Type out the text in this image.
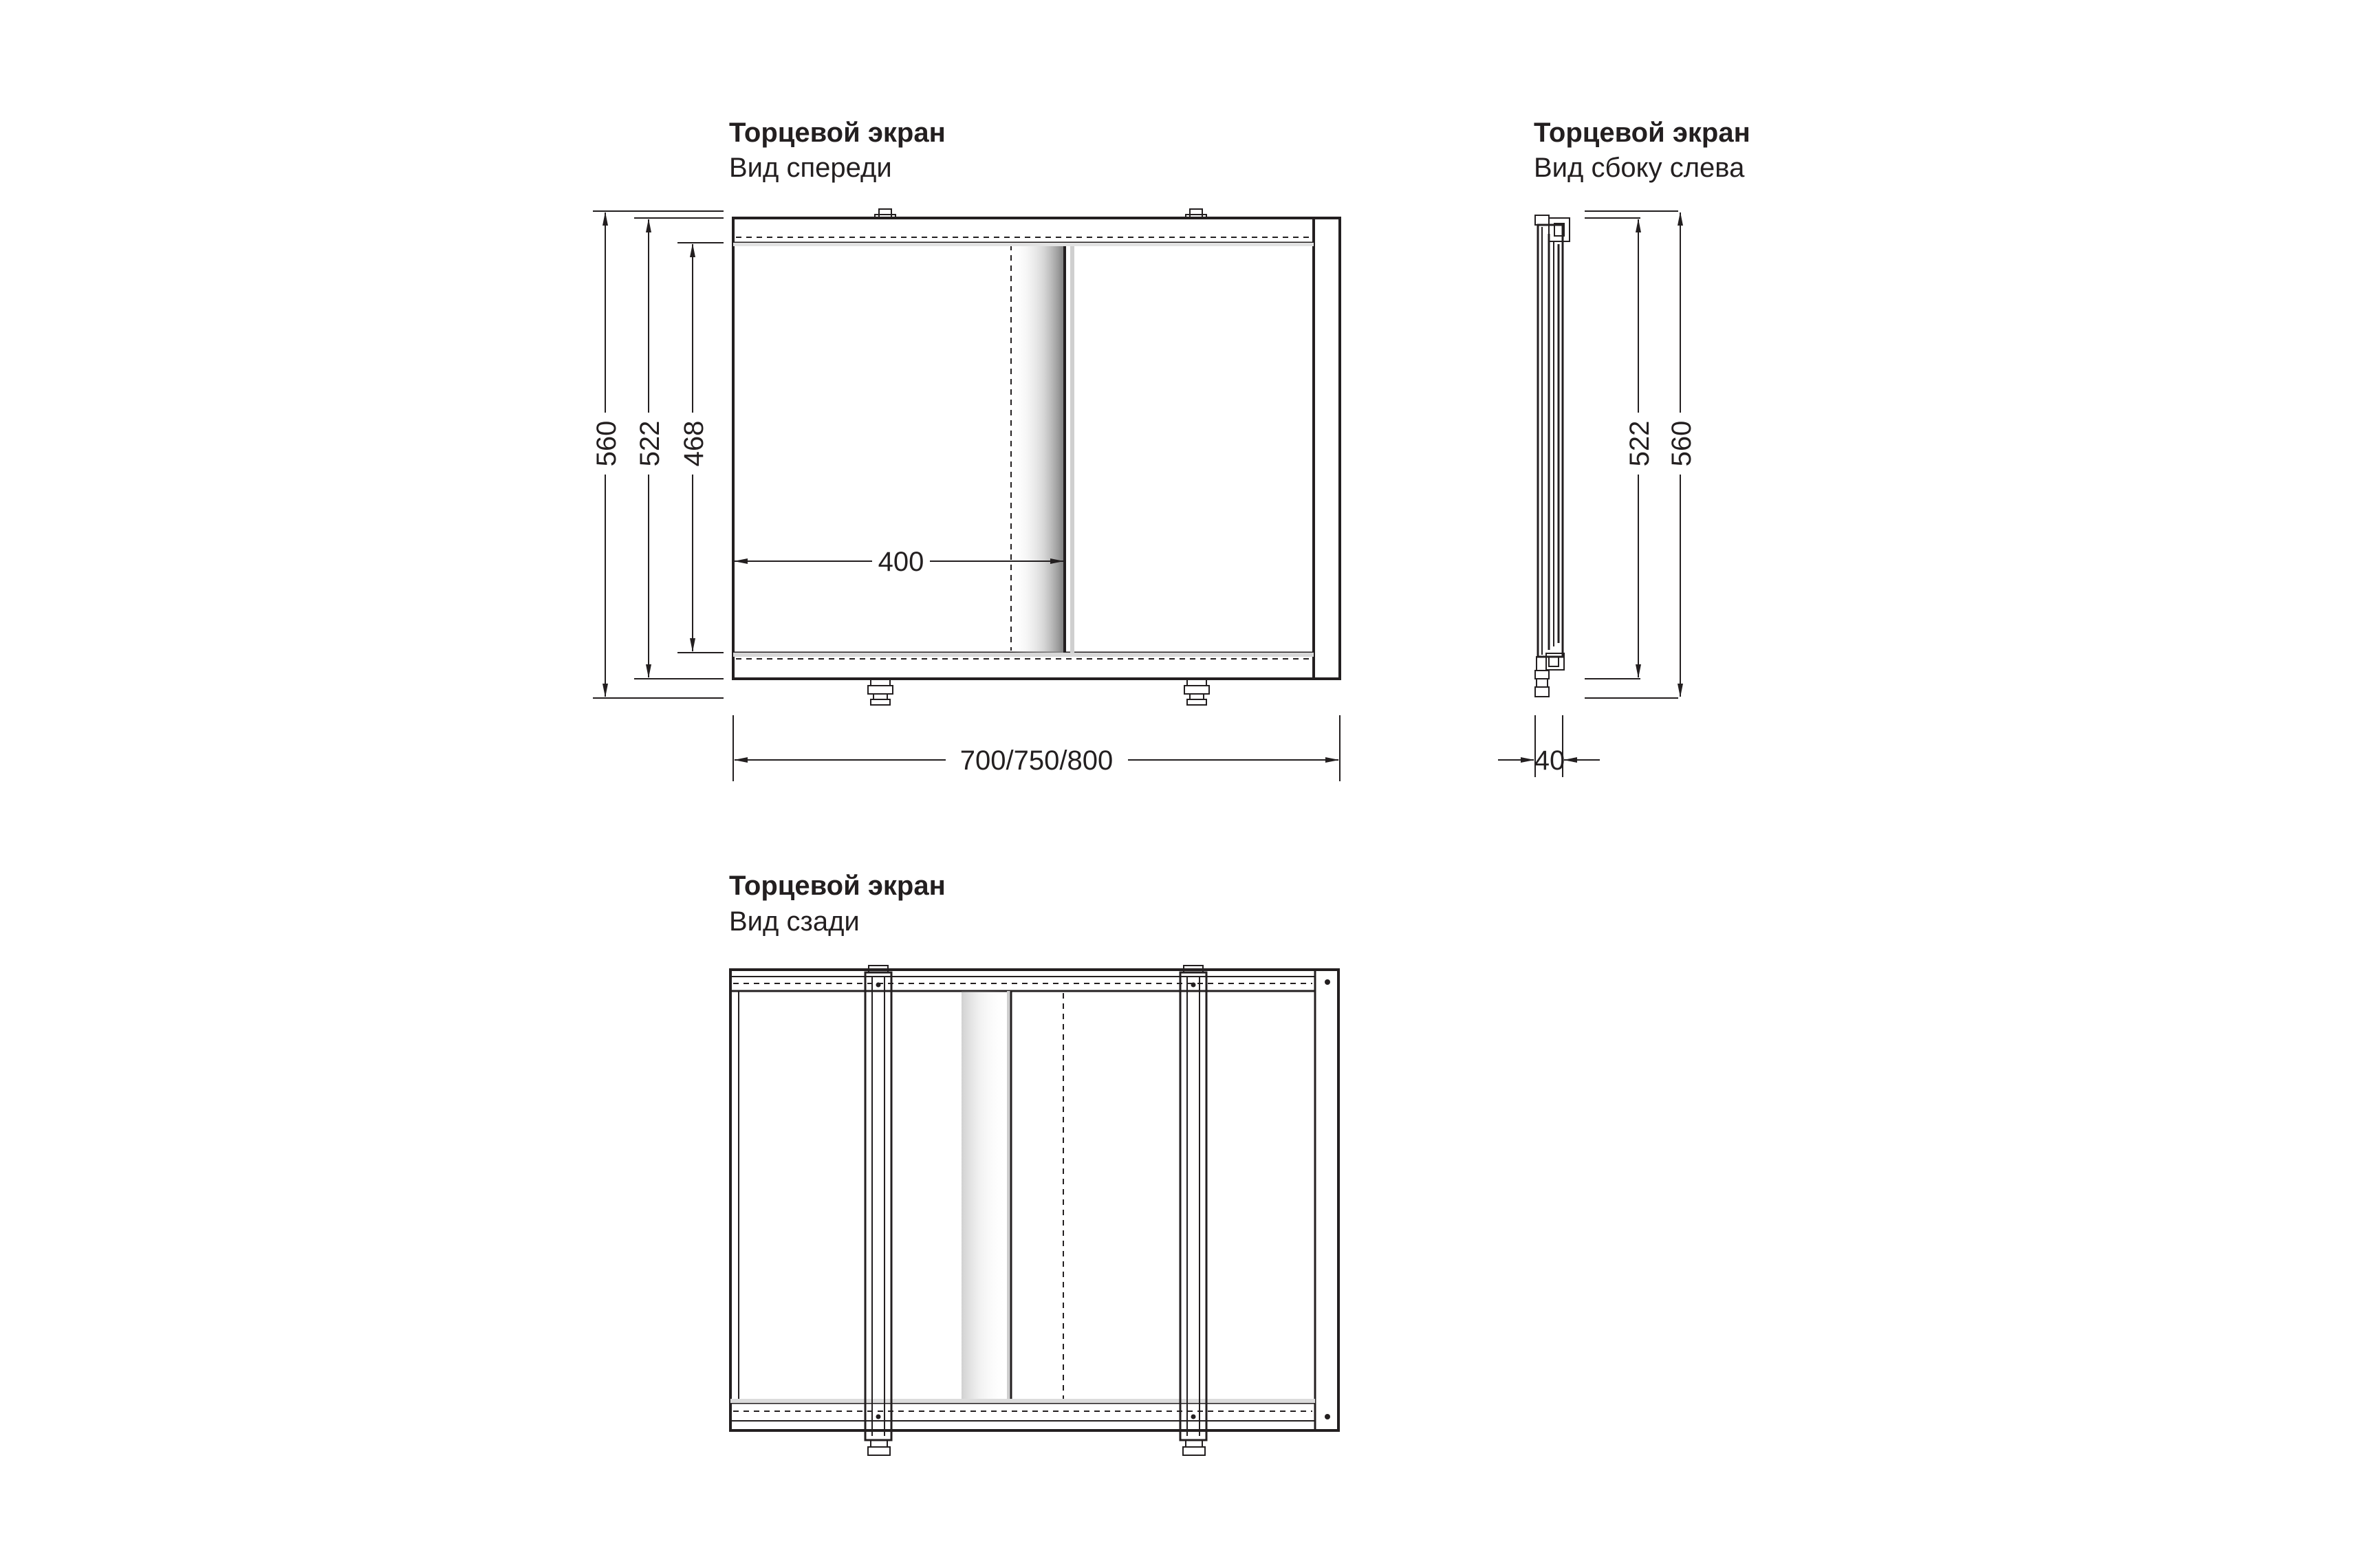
Торцевой экран
Вид спереди
560 522 468
400
700/750/800
Торцевой экран
Вид сбоку слева
522 560
40
Торцевой экран
Вид сзади
